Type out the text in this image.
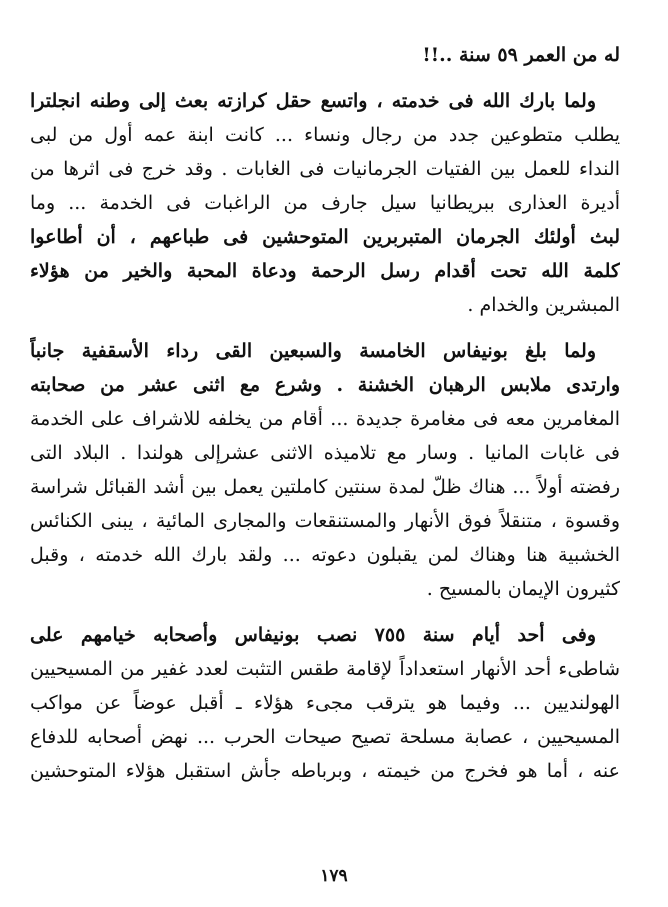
له من العمر ٥٩ سنة ..!!
ولما بارك الله فى خدمته ، واتسع حقل كرازته بعث إلى وطنه انجلترا
يطلب متطوعين جدد من رجال ونساء ... كانت ابنة عمه أول من لبى
النداء للعمل بين الفتيات الجرمانيات فى الغابات . وقد خرج فى اثرها من
أديرة العذارى ببريطانيا سيل جارف من الراغبات فى الخدمة ... وما
لبث أولئك الجرمان المتبربرين المتوحشين فى طباعهم ، أن أطاعوا
كلمة الله تحت أقدام رسل الرحمة ودعاة المحبة والخير من هؤلاء
المبشرين والخدام .
ولما بلغ بونيفاس الخامسة والسبعين القى رداء الأسقفية جانباً
وارتدى ملابس الرهبان الخشنة . وشرع مع اثنى عشر من صحابته
المغامرين معه فى مغامرة جديدة ... أقام من يخلفه للاشراف على الخدمة
فى غابات المانيا . وسار مع تلاميذه الاثنى عشرإلى هولندا . البلاد التى
رفضته أولاً ... هناك ظلّ لمدة سنتين كاملتين يعمل بين أشد القبائل شراسة
وقسوة ، متنقلاً فوق الأنهار والمستنقعات والمجارى المائية ، يبنى الكنائس
الخشبية هنا وهناك لمن يقبلون دعوته ... ولقد بارك الله خدمته ، وقبل
كثيرون الإيمان بالمسيح .
وفى أحد أيام سنة ٧٥٥ نصب بونيفاس وأصحابه خيامهم على
شاطىء أحد الأنهار استعداداً لإقامة طقس التثبت لعدد غفير من المسيحيين
الهولنديين ... وفيما هو يترقب مجىء هؤلاء ـ أقبل عوضاً عن مواكب
المسيحيين ، عصابة مسلحة تصيح صيحات الحرب ... نهض أصحابه للدفاع
عنه ، أما هو فخرج من خيمته ، وبرباطه جأش استقبل هؤلاء المتوحشين
١٧٩
